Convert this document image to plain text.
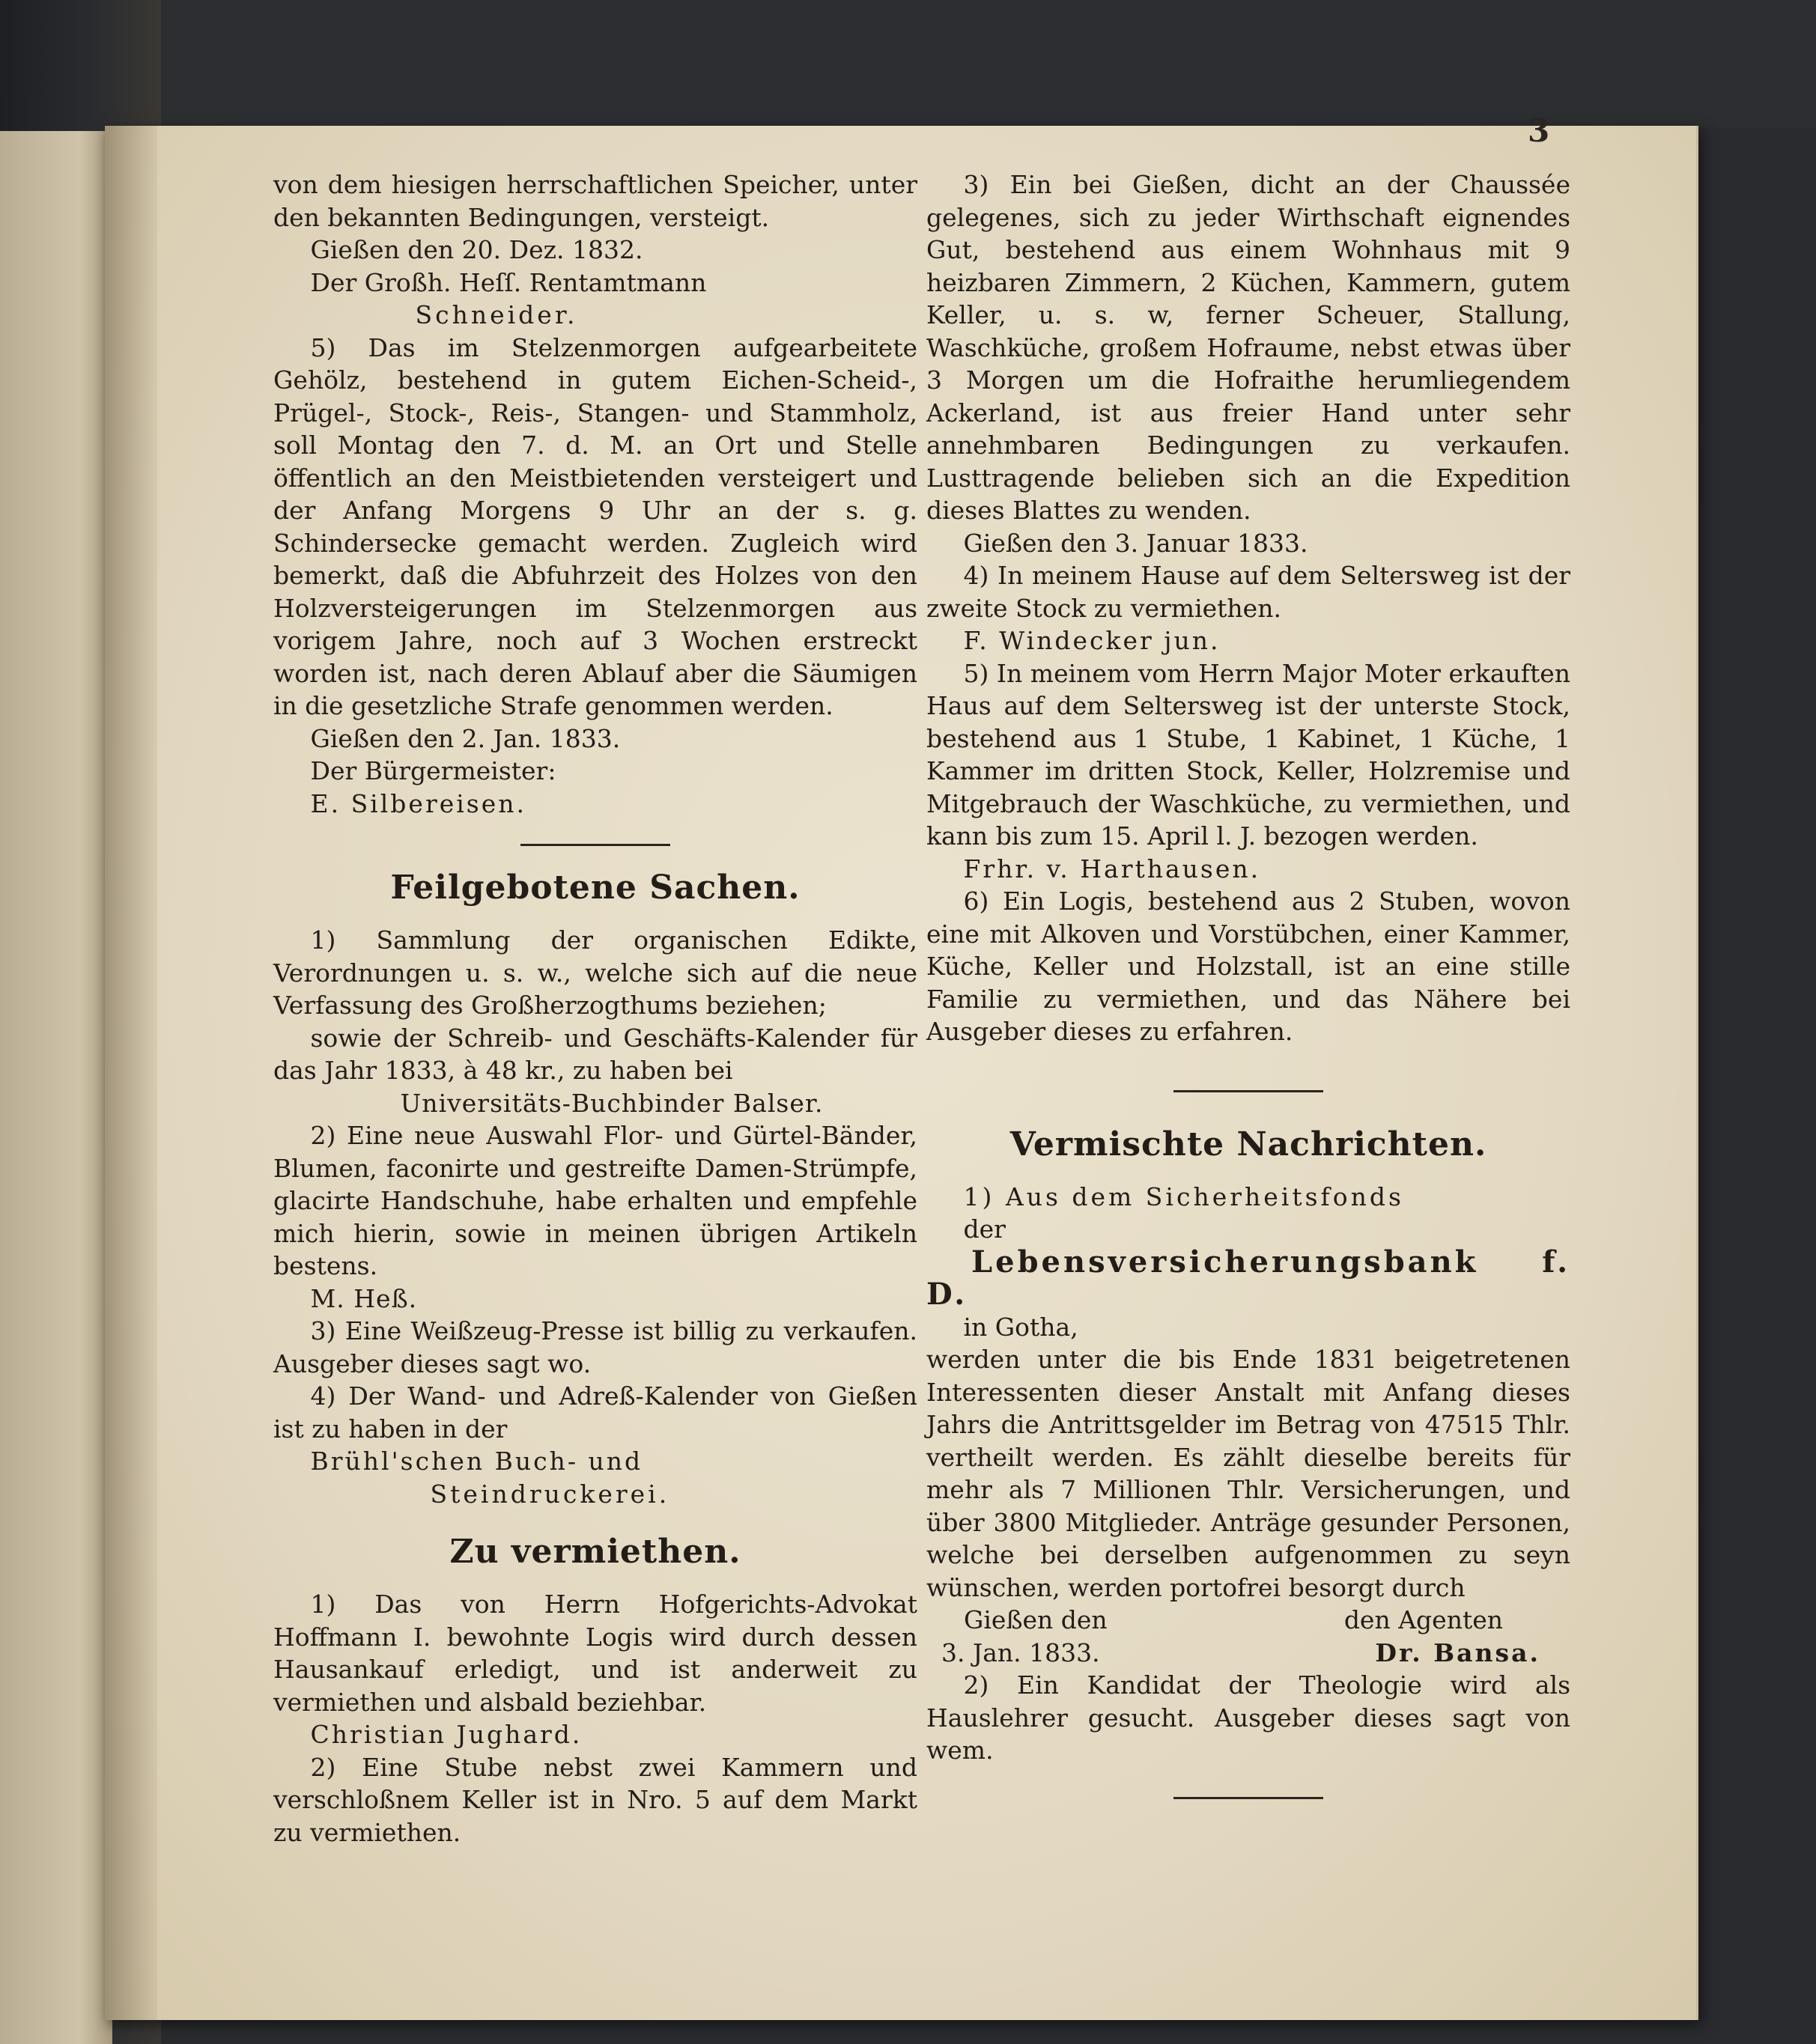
3

von dem hiesigen herrschaftlichen Speicher, unter den bekannten Bedingungen, versteigt.

Gießen den 20. Dez. 1832.

Der Großh. Heſſ. Rentamtmann

Schneider.

5) Das im Stelzenmorgen aufgearbeitete Gehölz, bestehend in gutem Eichen-Scheid-, Prügel-, Stock-, Reis-, Stangen- und Stammholz, soll Montag den 7. d. M. an Ort und Stelle öffentlich an den Meistbietenden versteigert und der Anfang Morgens 9 Uhr an der s. g. Schindersecke gemacht werden. Zugleich wird bemerkt, daß die Abfuhrzeit des Holzes von den Holzversteigerungen im Stelzenmorgen aus vorigem Jahre, noch auf 3 Wochen erstreckt worden ist, nach deren Ablauf aber die Säumigen in die gesetzliche Strafe genommen werden.

Gießen den 2. Jan. 1833.

Der Bürgermeister:

E. Silbereisen.

Feilgebotene Sachen.

1) Sammlung der organischen Edikte, Verordnungen u. s. w., welche sich auf die neue Verfassung des Großherzogthums beziehen;

sowie der Schreib- und Geschäfts-Kalender für das Jahr 1833, à 48 kr., zu haben bei

Universitäts-Buchbinder Balser.

2) Eine neue Auswahl Flor- und Gürtel-Bänder, Blumen, faconirte und gestreifte Damen-Strümpfe, glacirte Handschuhe, habe erhalten und empfehle mich hierin, sowie in meinen übrigen Artikeln bestens.

M. Heß.

3) Eine Weißzeug-Presse ist billig zu verkaufen. Ausgeber dieses sagt wo.

4) Der Wand- und Adreß-Kalender von Gießen ist zu haben in der

Brühl'schen Buch- und

Steindruckerei.

Zu vermiethen.

1) Das von Herrn Hofgerichts-Advokat Hoffmann I. bewohnte Logis wird durch dessen Hausankauf erledigt, und ist anderweit zu vermiethen und alsbald beziehbar.

Christian Jughard.

2) Eine Stube nebst zwei Kammern und verschloßnem Keller ist in Nro. 5 auf dem Markt zu vermiethen.

3) Ein bei Gießen, dicht an der Chaussée gelegenes, sich zu jeder Wirthschaft eignendes Gut, bestehend aus einem Wohnhaus mit 9 heizbaren Zimmern, 2 Küchen, Kammern, gutem Keller, u. s. w, ferner Scheuer, Stallung, Waschküche, großem Hofraume, nebst etwas über 3 Morgen um die Hofraithe herumliegendem Ackerland, ist aus freier Hand unter sehr annehmbaren Bedingungen zu verkaufen. Lusttragende belieben sich an die Expedition dieses Blattes zu wenden.

Gießen den 3. Januar 1833.

4) In meinem Hause auf dem Seltersweg ist der zweite Stock zu vermiethen.

F. Windecker jun.

5) In meinem vom Herrn Major Moter erkauften Haus auf dem Seltersweg ist der unterste Stock, bestehend aus 1 Stube, 1 Kabinet, 1 Küche, 1 Kammer im dritten Stock, Keller, Holzremise und Mitgebrauch der Waschküche, zu vermiethen, und kann bis zum 15. April l. J. bezogen werden.

Frhr. v. Harthausen.

6) Ein Logis, bestehend aus 2 Stuben, wovon eine mit Alkoven und Vorstübchen, einer Kammer, Küche, Keller und Holzstall, ist an eine stille Familie zu vermiethen, und das Nähere bei Ausgeber dieses zu erfahren.

Vermischte Nachrichten.

1) Aus dem Sicherheitsfonds

der

Lebensversicherungsbank f. D.

in Gotha,

werden unter die bis Ende 1831 beigetretenen Interessenten dieser Anstalt mit Anfang dieses Jahrs die Antrittsgelder im Betrag von 47515 Thlr. vertheilt werden. Es zählt dieselbe bereits für mehr als 7 Millionen Thlr. Versicherungen, und über 3800 Mitglieder. Anträge gesunder Personen, welche bei derselben aufgenommen zu seyn wünschen, werden portofrei besorgt durch

Gießen den	den Agenten
3. Jan. 1833.	Dr. Bansa.

2) Ein Kandidat der Theologie wird als Hauslehrer gesucht. Ausgeber dieses sagt von wem.
